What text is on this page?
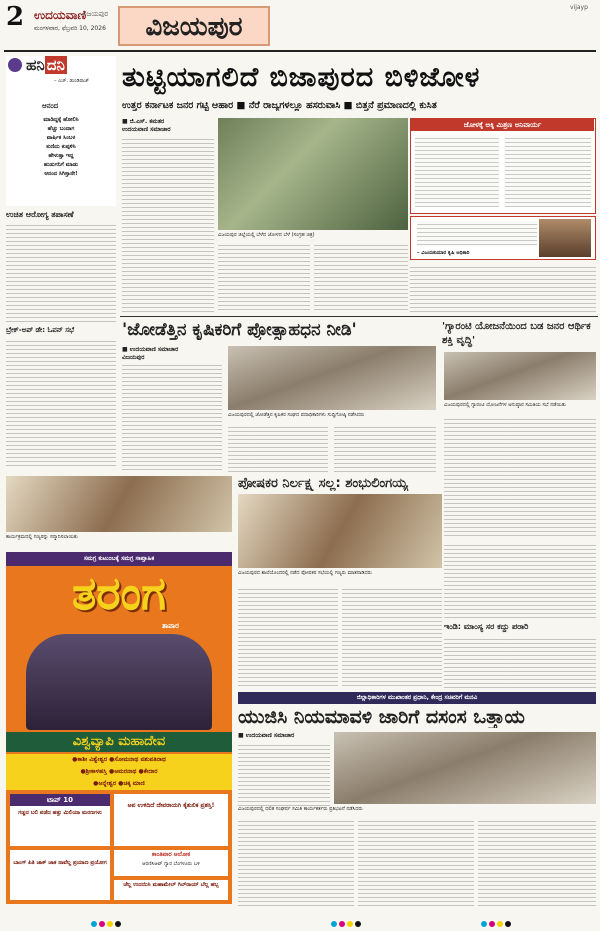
2 ಉದಯವಾಣಿ
ವಿಜಯಪುರ
ಮಂಗಳವಾರ, ಫೆಬ್ರವರಿ 10, 2026	ವಿಜಯಪುರ
vijayp
ಹನಿ ದನಿ
– ಎಚ್. ಡುಂಡಿರಾಜ್
ಆನಂದ
ಮಾಡಿದ್ದಕ್ಕೆ ಹೋಲಿಸಿ
ಹೆಚ್ಚು ಬಂದಾಗ
ವಾರ್ಷಿಕ ಸಿಂಬಳ
ಕುಣಿದು ಕುಪ್ಪಳಿಸಿ
ಹೇಳುತ್ತಾ ಇದ್ದ
ಹುಡುಗನಿಗೆ ಮಾಡು
ಆನಂದ ಸಿಗಿಸ್ತಾನೇ!
ಉಚಿತ ಆರೋಗ್ಯ ತಪಾಸಣೆ
ಬ್ರೇಕ್-ಅಪ್ ಡೇ: ಓಪನ್ ಸಭೆ
ತುಟ್ಟಿಯಾಗಲಿದೆ ಬಿಜಾಪುರದ ಬಿಳಿಜೋಳ
ಉತ್ತರ ಕರ್ನಾಟಕ ಜನರ ಗಟ್ಟಿ ಆಹಾರ ■ ನೆರೆ ರಾಜ್ಯಗಳಲ್ಲೂ ಹಸರುವಾಸಿ ■ ಬಿತ್ತನೆ ಪ್ರಮಾಣದಲ್ಲಿ ಕುಸಿತ
■ ಜಿ.ಎಸ್. ಕಮತರ
ಉದಯವಾಣಿ ಸಮಾಚಾರ
ವಿಜಯಪುರ ಜಿಲ್ಲೆಯಲ್ಲಿ ಬೆಳೆದ ಜೋಳದ ಬೆಳೆ (ಸಂಗ್ರಹ ಚಿತ್ರ)
ಜೋಳಕ್ಕೆ ಅಕ್ಕಿ ಮಿಶ್ರಣ ಅನಿವಾರ್ಯ
– ವಿಜಯಕುಮಾರ ಕೃಷಿ ಅಧಿಕಾರಿ
'ಜೋಡೆತ್ತಿನ ಕೃಷಿಕರಿಗೆ ಪ್ರೋತ್ಸಾಹಧನ ನೀಡಿ'
■ ಉದಯವಾಣಿ ಸಮಾಚಾರ
ವಿಜಯಪುರ
ವಿಜಯಪುರದಲ್ಲಿ ಜೋಡೆತ್ತಿನ ಕೃಷಿಕರ ಸಂಘದ ಪದಾಧಿಕಾರಿಗಳು ಸುದ್ದಿಗೋಷ್ಠಿ ನಡೆಸಿದರು
'ಗ್ಯಾರಂಟಿ ಯೋಜನೆಯಿಂದ ಬಡ ಜನರ ಆರ್ಥಿಕ ಶಕ್ತಿ ವೃದ್ಧಿ'
ವಿಜಯಪುರದಲ್ಲಿ ಗ್ಯಾರಂಟಿ ಯೋಜನೆಗಳ ಅನುಷ್ಠಾನ ಸಮಿತಿಯ ಸಭೆ ನಡೆಯಿತು
ಕಾರ್ಯಕ್ರಮದಲ್ಲಿ ಗಣ್ಯರನ್ನು ಸನ್ಮಾನಿಸಲಾಯಿತು
ಪೋಷಕರ ನಿರ್ಲಕ್ಷ್ಯ ಸಲ್ಲ: ಶಂಭುಲಿಂಗಯ್ಯ
ವಿಜಯಪುರದ ಶಾಲೆಯೊಂದರಲ್ಲಿ ನಡೆದ ಪೋಷಕರ ಸಭೆಯಲ್ಲಿ ಗಣ್ಯರು ಮಾತನಾಡಿದರು
ಇಂಡಿ: ಮಾಂಸ್ಯ ಸರ ಕದ್ದು ಪರಾರಿ
ಸಮಗ್ರ ಕುಟುಂಬಕ್ಕೆ ಸಮಗ್ರ ಸಾಪ್ತಾಹಿಕ
ತರಂಗ
ತಾಪಾರ
ವಿಶ್ವವ್ಯಾಪಿ ಮಹಾದೇವ
●ಕಾಶೀ ವಿಶ್ವೇಶ್ವರ ●ಸೋಮನಾಥ ಪಶುಪತಿನಾಥ
●ಶ್ರೀಕಾಳಹಸ್ತಿ ●ಅಮರನಾಥ ●ಕೇದಾರ
●ಅನ್ನೇಶ್ವರ ●ಚಿಕ್ಕ ಮಾಣಿ
ಟಾಪ್ 10
ಗಡ್ಡದ ಬಲಿ ಪಡೆದ ಹತ್ತು ಮಿಲಿಯಾ ಮರಣಗಳು
ಅಪ ಉಳಿದಿದೆ ದೇವರಾಯಗಿ ಕೈತುಲಿಕ ಪ್ರಶಸ್ತಿ!
ಕಾಂತಿಪಾರ ಆಲೋಕ
ಆರಣಿಸಿಆಟ್ ಗ್ಯಾರ ಬೆಂಗಳೂರು ಬಳಿ
ಬಾಂಗ್ ಪಿತಿ ಜಾಕ್ ಜಾಕ ನಾವೆಲ್ಲ ಪ್ರಯಾಣ ಪ್ರಯೋಗ
ಚೆಲ್ಲ ಉದಯಿಸಿ ಮಹಾಮೇಲ್ ಗಿಲ್‌ರಾಯ್ ಬೆಲ್ಲ ಹಬ್ಬ
ಜಿಲ್ಲಾಧಿಕಾರಿಗಳ ಮುಖಾಂತರ ಪ್ರಧಾನಿ, ಕೇಂದ್ರ ಸಚಿವರಿಗೆ ಮನವಿ
ಯುಜಿಸಿ ನಿಯಮಾವಳಿ ಜಾರಿಗೆ ದಸಂಸ ಒತ್ತಾಯ
■ ಉದಯವಾಣಿ ಸಮಾಚಾರ
ವಿಜಯಪುರದಲ್ಲಿ ದಲಿತ ಸಂಘರ್ಷ ಸಮಿತಿ ಕಾರ್ಯಕರ್ತರು ಪ್ರತಿಭಟನೆ ನಡೆಸಿದರು
